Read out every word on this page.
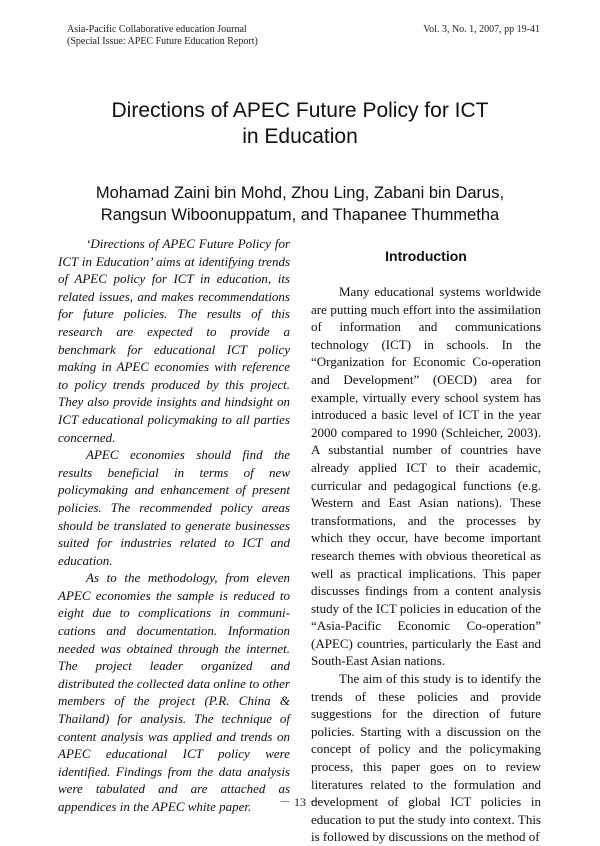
Asia-Pacific Collaborative education Journal
(Special Issue: APEC Future Education Report)
Vol. 3, No. 1, 2007, pp 19-41
Directions of APEC Future Policy for ICT
in Education
Mohamad Zaini bin Mohd, Zhou Ling, Zabani bin Darus,
Rangsun Wiboonuppatum, and Thapanee Thummetha

‘Directions of APEC Future Policy for ICT in Education’ aims at identifying trends of APEC policy for ICT in education, its related issues, and makes recommendations for future policies. The results of this research are expected to provide a benchmark for educational ICT policy making in APEC economies with reference to policy trends produced by this project. They also provide insights and hindsight on ICT educational policymaking to all parties concerned.

APEC economies should find the results beneficial in terms of new policymaking and enhancement of present policies. The recommended policy areas should be translated to generate businesses suited for industries related to ICT and education.

As to the methodology, from eleven APEC economies the sample is reduced to eight due to complications in communi-cations and documentation. Information needed was obtained through the internet. The project leader organized and distributed the collected data online to other members of the project (P.R. China & Thailand) for analysis. The technique of content analysis was applied and trends on APEC educational ICT policy were identified. Findings from the data analysis were tabulated and are attached as appendices in the APEC white paper.

Introduction

Many educational systems worldwide are putting much effort into the assimilation of information and communications technology (ICT) in schools. In the “Organization for Economic Co-operation and Development” (OECD) area for example, virtually every school system has introduced a basic level of ICT in the year 2000 compared to 1990 (Schleicher, 2003). A substantial number of countries have already applied ICT to their academic, curricular and pedagogical functions (e.g. Western and East Asian nations). These transformations, and the processes by which they occur, have become important research themes with obvious theoretical as well as practical implications. This paper discusses findings from a content analysis study of the ICT policies in education of the “Asia-Pacific Economic Co-operation” (APEC) countries, particularly the East and South-East Asian nations.

The aim of this study is to identify the trends of these policies and provide suggestions for the direction of future policies. Starting with a discussion on the concept of policy and the policymaking process, this paper goes on to review literatures related to the formulation and development of global ICT policies in education to put the study into context. This is followed by discussions on the method of

－ 13 －
